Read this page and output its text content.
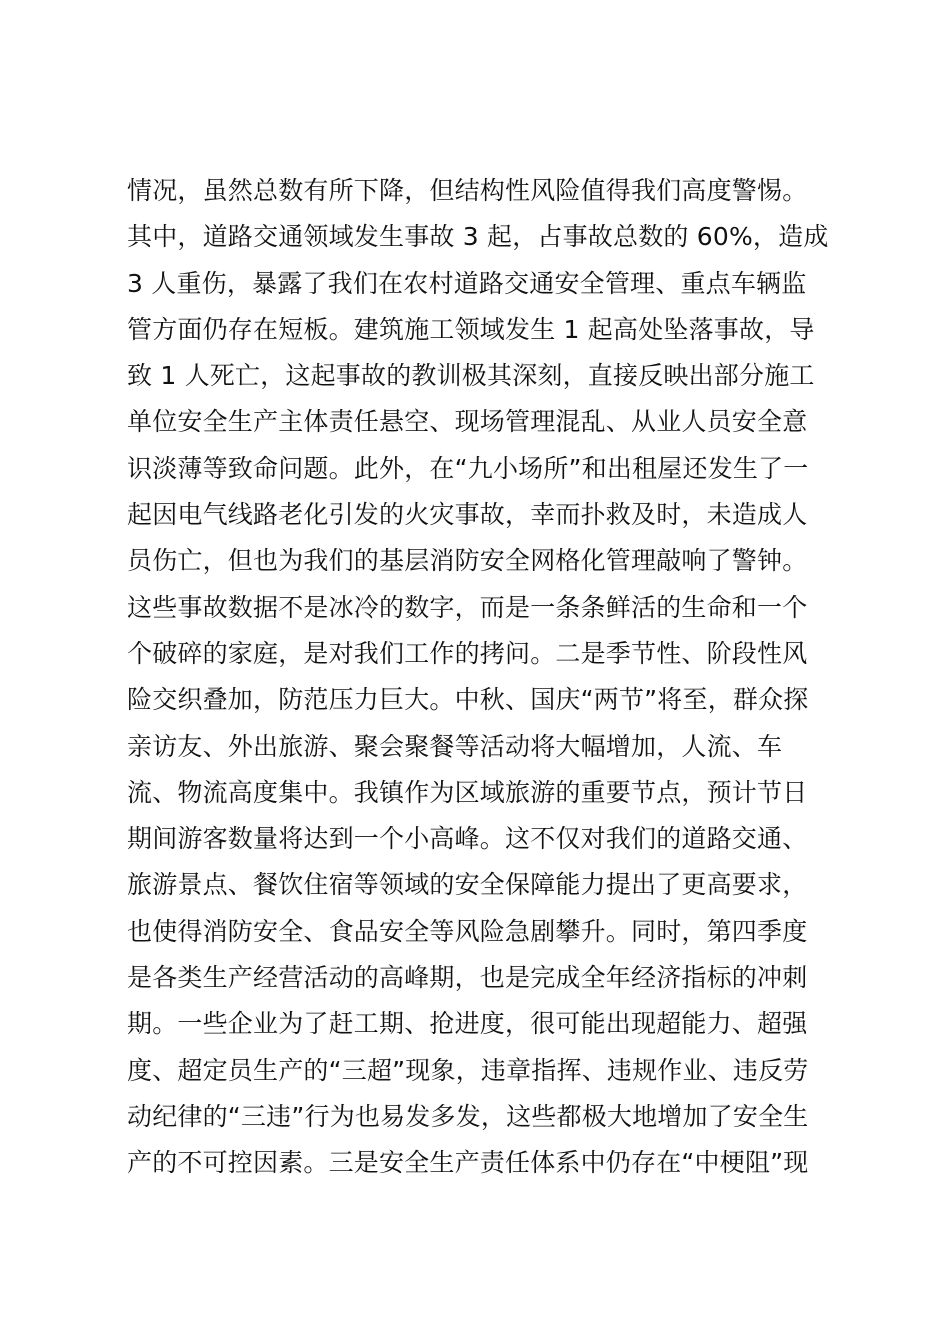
情况，虽然总数有所下降，但结构性风险值得我们高度警惕。
其中，道路交通领域发生事故 3 起，占事故总数的 60%，造成
3 人重伤，暴露了我们在农村道路交通安全管理、重点车辆监
管方面仍存在短板。建筑施工领域发生 1 起高处坠落事故，导
致 1 人死亡，这起事故的教训极其深刻，直接反映出部分施工
单位安全生产主体责任悬空、现场管理混乱、从业人员安全意
识淡薄等致命问题。此外，在“九小场所”和出租屋还发生了一
起因电气线路老化引发的火灾事故，幸而扑救及时，未造成人
员伤亡，但也为我们的基层消防安全网格化管理敲响了警钟。
这些事故数据不是冰冷的数字，而是一条条鲜活的生命和一个
个破碎的家庭，是对我们工作的拷问。二是季节性、阶段性风
险交织叠加，防范压力巨大。中秋、国庆“两节”将至，群众探
亲访友、外出旅游、聚会聚餐等活动将大幅增加，人流、车
流、物流高度集中。我镇作为区域旅游的重要节点，预计节日
期间游客数量将达到一个小高峰。这不仅对我们的道路交通、
旅游景点、餐饮住宿等领域的安全保障能力提出了更高要求，
也使得消防安全、食品安全等风险急剧攀升。同时，第四季度
是各类生产经营活动的高峰期，也是完成全年经济指标的冲刺
期。一些企业为了赶工期、抢进度，很可能出现超能力、超强
度、超定员生产的“三超”现象，违章指挥、违规作业、违反劳
动纪律的“三违”行为也易发多发，这些都极大地增加了安全生
产的不可控因素。三是安全生产责任体系中仍存在“中梗阻”现
